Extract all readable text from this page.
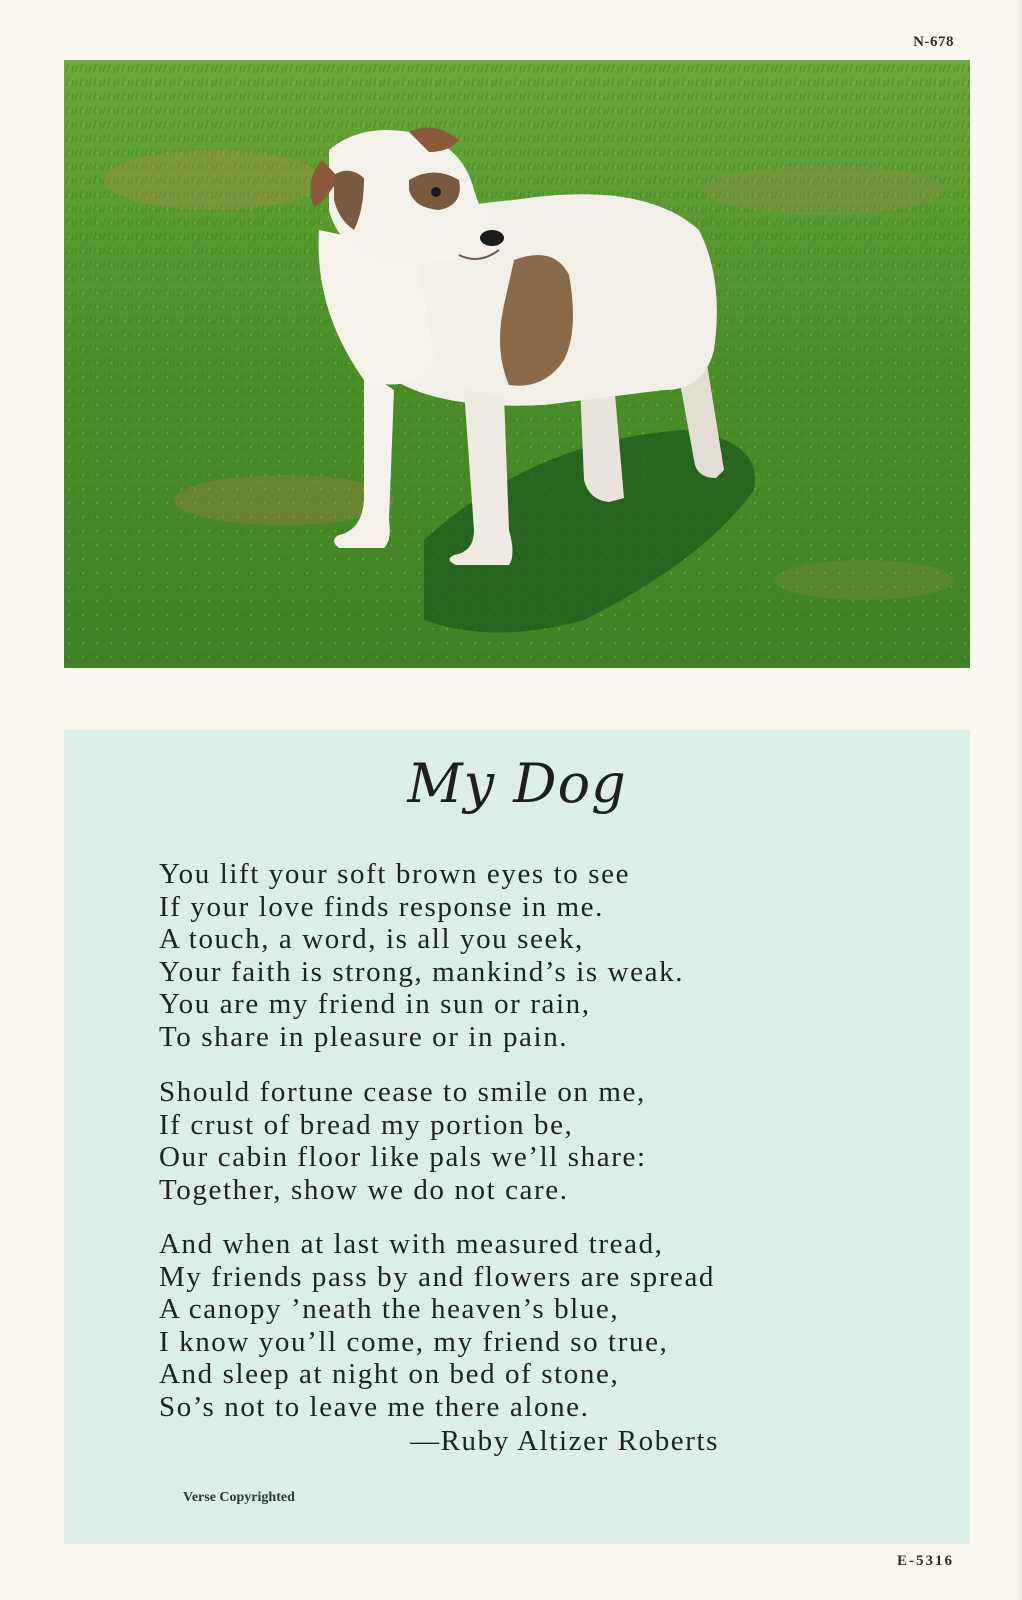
N-678
My Dog
You lift your soft brown eyes to see
If your love finds response in me.
A touch, a word, is all you seek,
Your faith is strong, mankind’s is weak.
You are my friend in sun or rain,
To share in pleasure or in pain.
Should fortune cease to smile on me,
If crust of bread my portion be,
Our cabin floor like pals we’ll share:
Together, show we do not care.
And when at last with measured tread,
My friends pass by and flowers are spread
A canopy ’neath the heaven’s blue,
I know you’ll come, my friend so true,
And sleep at night on bed of stone,
So’s not to leave me there alone.
—Ruby Altizer Roberts
Verse Copyrighted
E-5316
